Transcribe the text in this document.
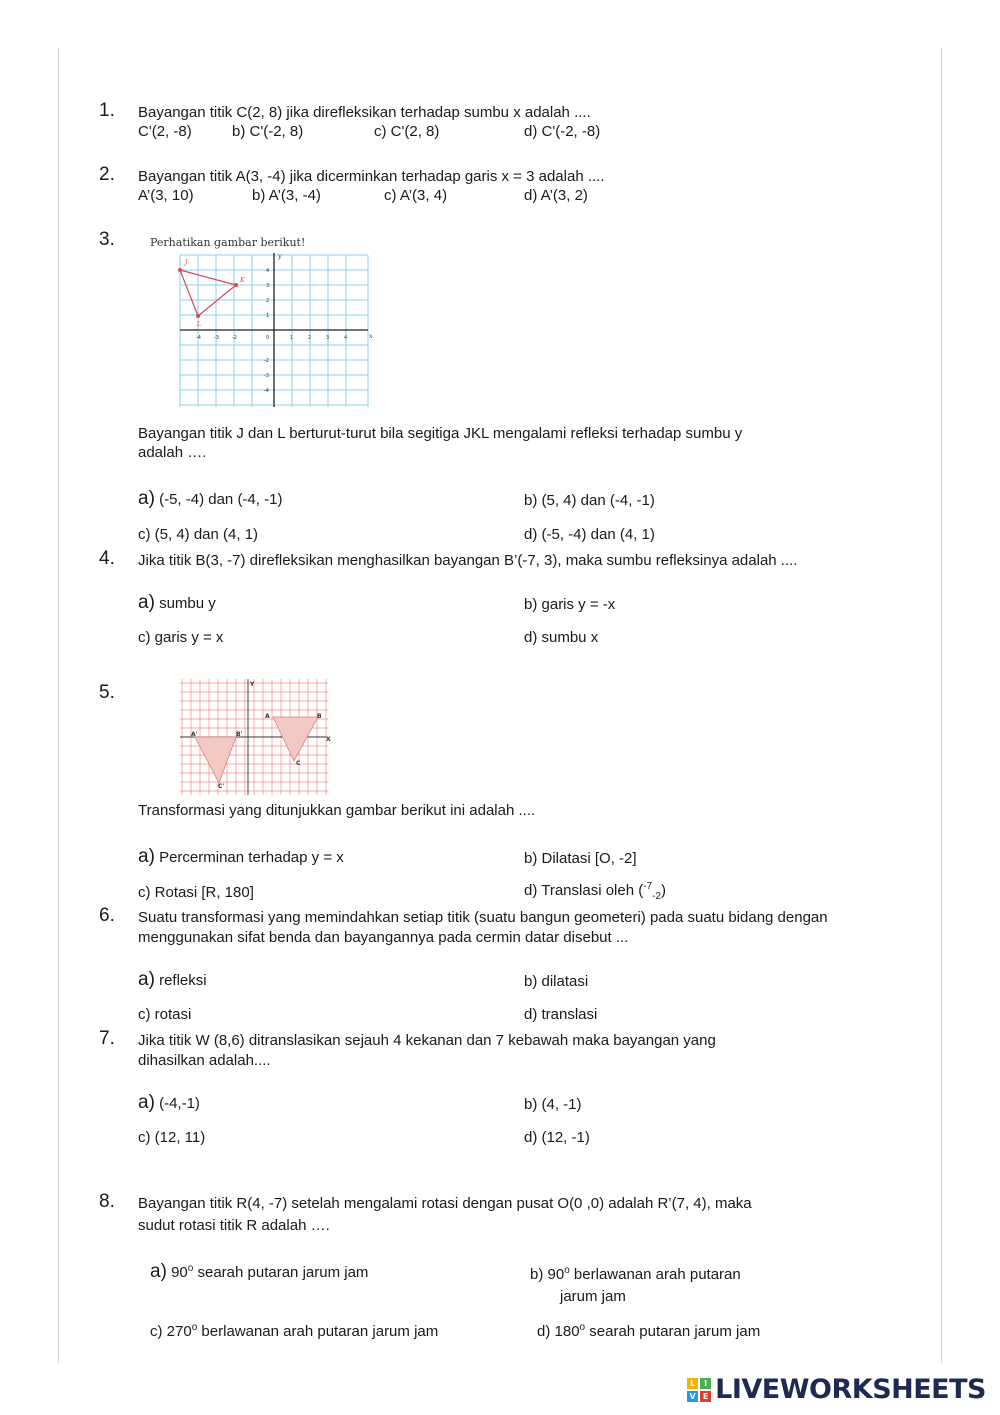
1. Bayangan titik C(2, 8) jika direfleksikan terhadap sumbu x adalah ....
C'(2, -8)	b) C'(-2, 8)	c) C'(2, 8)	d) C'(-2, -8)
2. Bayangan titik A(3, -4) jika dicerminkan terhadap garis x = 3 adalah ....
A’(3, 10)	b) A’(3, -4)	c) A’(3, 4)	d) A’(3, 2)
3.	Perhatikan gambar berikut!
J
K
L
y
x
-4	-3	-2	0	1	2	3	4
4
3
2
1
-2
-3
-4
Bayangan titik J dan L berturut-turut bila segitiga JKL mengalami refleksi terhadap sumbu y
adalah ….
a) (-5, -4) dan (-4, -1)	b) (5, 4) dan (-4, -1)
c) (5, 4) dan (4, 1)	d) (-5, -4) dan (4, 1)
4. Jika titik B(3, -7) direfleksikan menghasilkan bayangan B’(-7, 3), maka sumbu refleksinya adalah ....
a) sumbu y	b) garis y = -x
c) garis y = x	d) sumbu x
5.
A	B
C
A'	B'
C'
Y
X
Transformasi yang ditunjukkan gambar berikut ini adalah ....
a) Percerminan terhadap y = x	b) Dilatasi [O, -2]
c) Rotasi [R, 180]	d) Translasi oleh ($^{-7}_{-2}$)
6. Suatu transformasi yang memindahkan setiap titik (suatu bangun geometeri) pada suatu bidang dengan
menggunakan sifat benda dan bayangannya pada cermin datar disebut ...
a) refleksi	b) dilatasi
c) rotasi	d) translasi
7. Jika titik W (8,6) ditranslasikan sejauh 4 kekanan dan 7 kebawah maka bayangan yang
dihasilkan adalah....
a) (-4,-1)	b) (4, -1)
c) (12, 11)	d) (12, -1)
8. Bayangan titik R(4, -7) setelah mengalami rotasi dengan pusat O(0 ,0) adalah R’(7, 4), maka
sudut rotasi titik R adalah ….
a) 90$^o$ searah putaran jarum jam	b) 90$^o$ berlawanan arah putaran
jarum jam
c) 270$^o$ berlawanan arah putaran jarum jam	d) 180$^o$ searah putaran jarum jam
L	I
V E LIVEWORKSHEETS
